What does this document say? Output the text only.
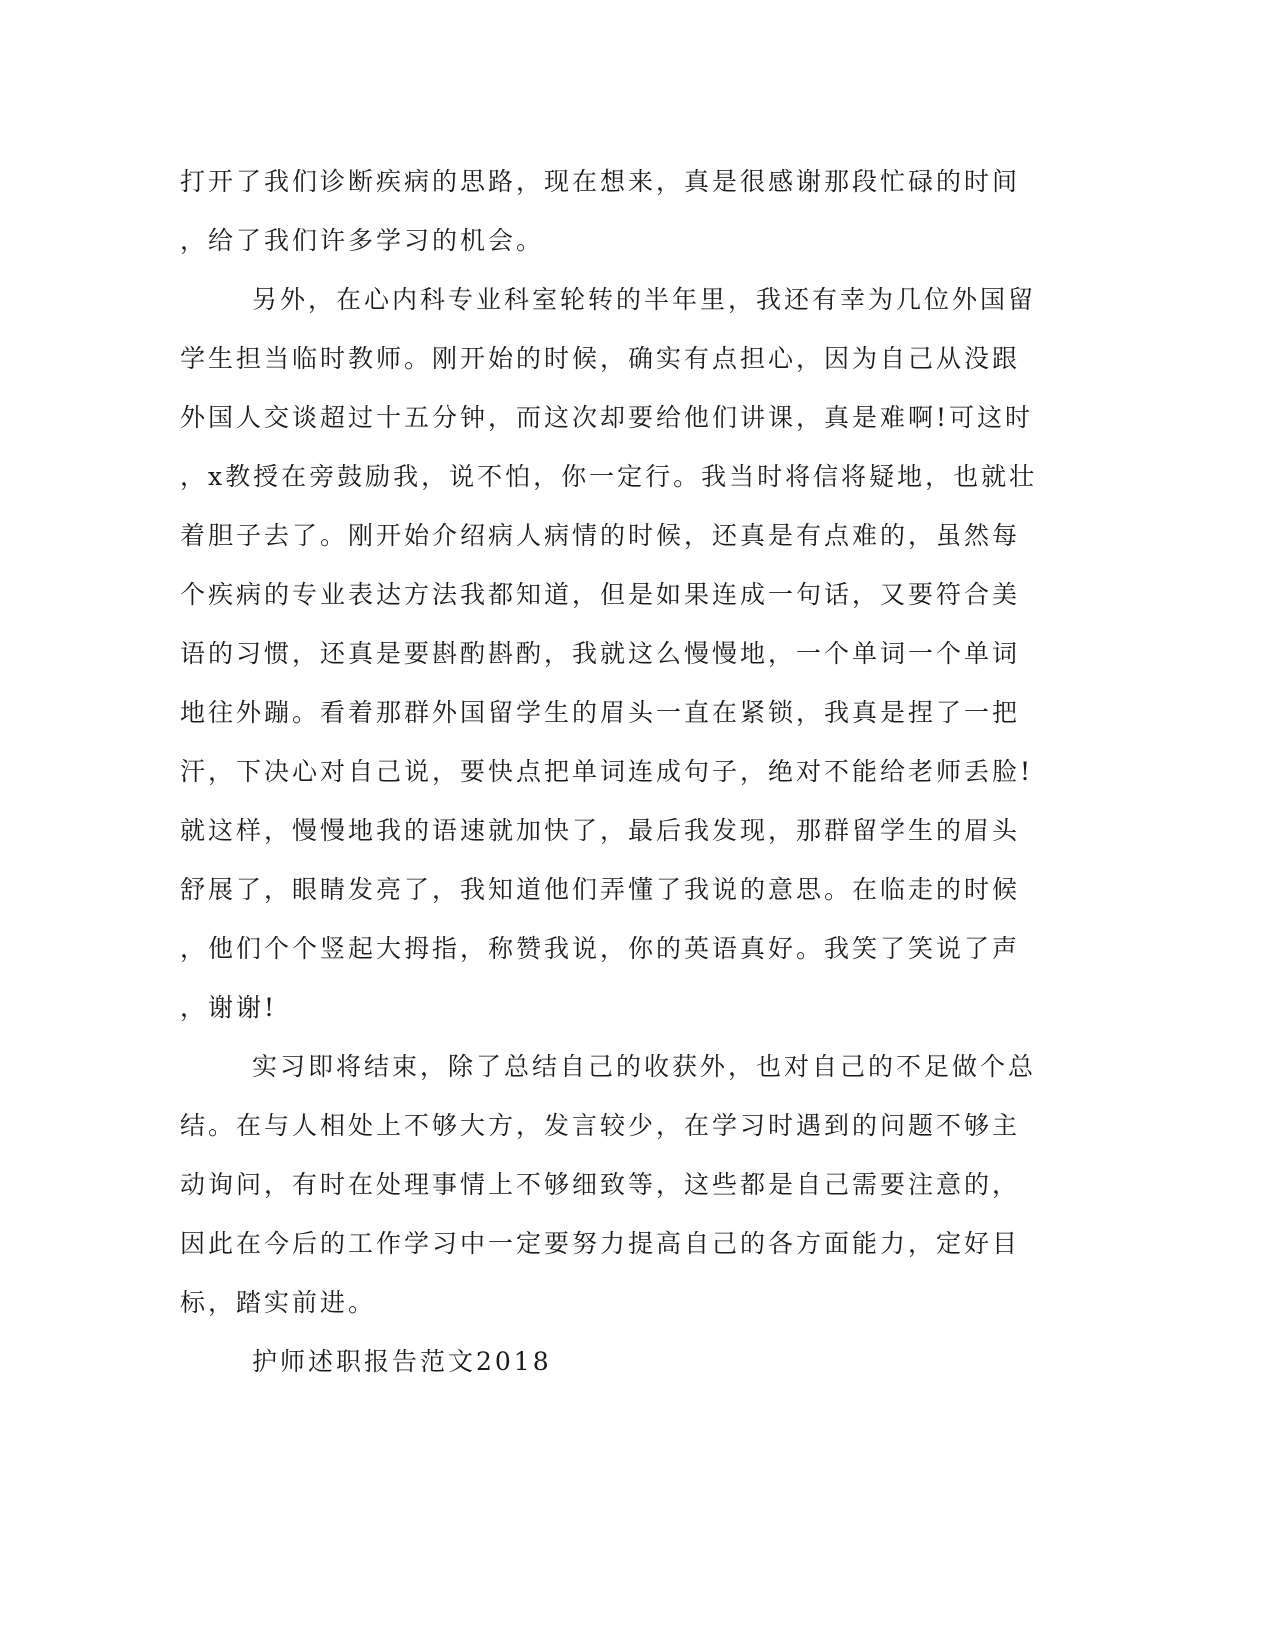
打开了我们诊断疾病的思路，现在想来，真是很感谢那段忙碌的时间
，给了我们许多学习的机会。
另外，在心内科专业科室轮转的半年里，我还有幸为几位外国留
学生担当临时教师。刚开始的时候，确实有点担心，因为自己从没跟
外国人交谈超过十五分钟，而这次却要给他们讲课，真是难啊!可这时
，x教授在旁鼓励我，说不怕，你一定行。我当时将信将疑地，也就壮
着胆子去了。刚开始介绍病人病情的时候，还真是有点难的，虽然每
个疾病的专业表达方法我都知道，但是如果连成一句话，又要符合美
语的习惯，还真是要斟酌斟酌，我就这么慢慢地，一个单词一个单词
地往外蹦。看着那群外国留学生的眉头一直在紧锁，我真是捏了一把
汗，下决心对自己说，要快点把单词连成句子，绝对不能给老师丢脸!
就这样，慢慢地我的语速就加快了，最后我发现，那群留学生的眉头
舒展了，眼睛发亮了，我知道他们弄懂了我说的意思。在临走的时候
，他们个个竖起大拇指，称赞我说，你的英语真好。我笑了笑说了声
，谢谢!
实习即将结束，除了总结自己的收获外，也对自己的不足做个总
结。在与人相处上不够大方，发言较少，在学习时遇到的问题不够主
动询问，有时在处理事情上不够细致等，这些都是自己需要注意的，
因此在今后的工作学习中一定要努力提高自己的各方面能力，定好目
标，踏实前进。
护师述职报告范文2018
